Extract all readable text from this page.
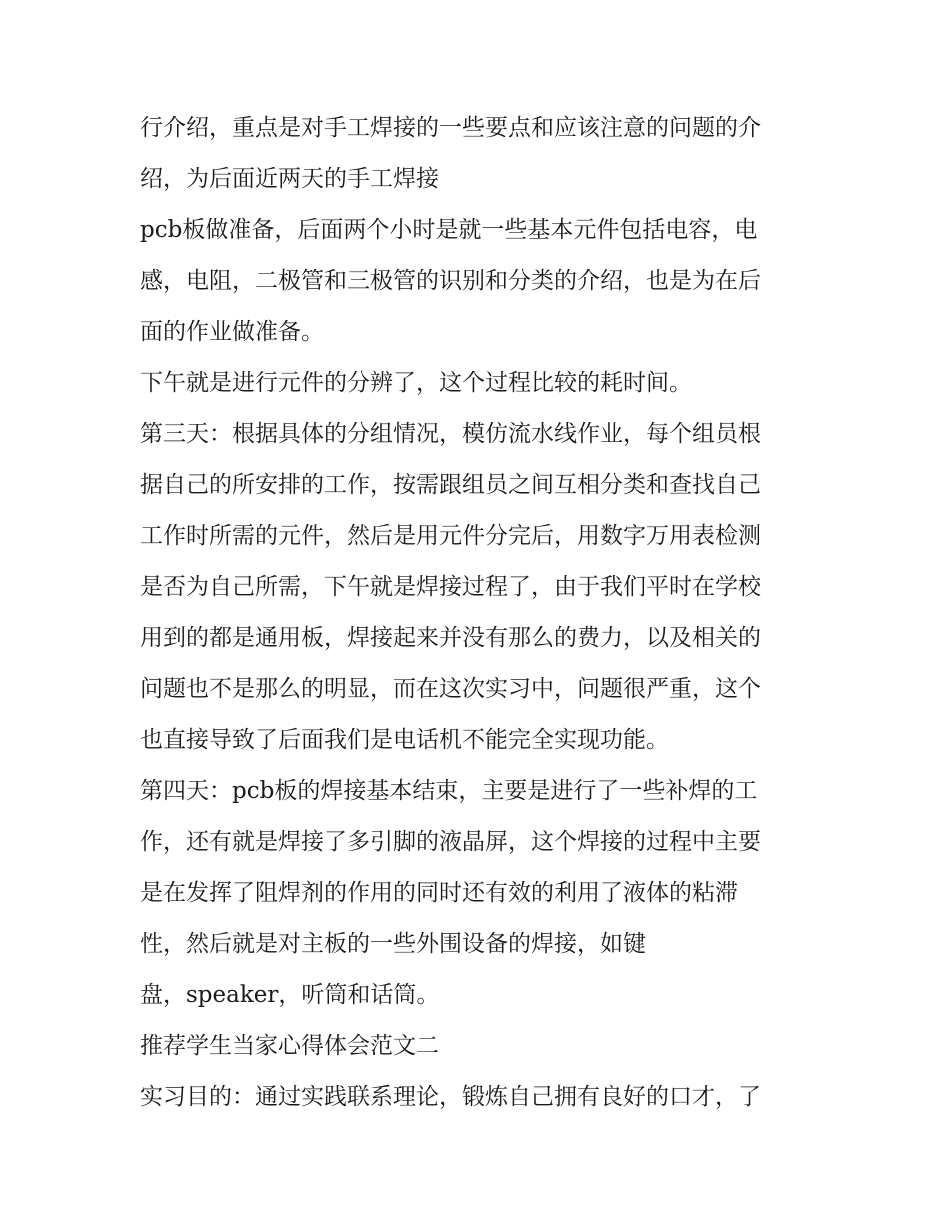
行介绍，重点是对手工焊接的一些要点和应该注意的问题的介
绍，为后面近两天的手工焊接
pcb板做准备，后面两个小时是就一些基本元件包括电容，电
感，电阻，二极管和三极管的识别和分类的介绍，也是为在后
面的作业做准备。
下午就是进行元件的分辨了，这个过程比较的耗时间。
第三天：根据具体的分组情况，模仿流水线作业，每个组员根
据自己的所安排的工作，按需跟组员之间互相分类和查找自己
工作时所需的元件，然后是用元件分完后，用数字万用表检测
是否为自己所需，下午就是焊接过程了，由于我们平时在学校
用到的都是通用板，焊接起来并没有那么的费力，以及相关的
问题也不是那么的明显，而在这次实习中，问题很严重，这个
也直接导致了后面我们是电话机不能完全实现功能。
第四天：pcb板的焊接基本结束，主要是进行了一些补焊的工
作，还有就是焊接了多引脚的液晶屏，这个焊接的过程中主要
是在发挥了阻焊剂的作用的同时还有效的利用了液体的粘滞
性，然后就是对主板的一些外围设备的焊接，如键
盘，speaker，听筒和话筒。
推荐学生当家心得体会范文二
实习目的：通过实践联系理论，锻炼自己拥有良好的口才，了
